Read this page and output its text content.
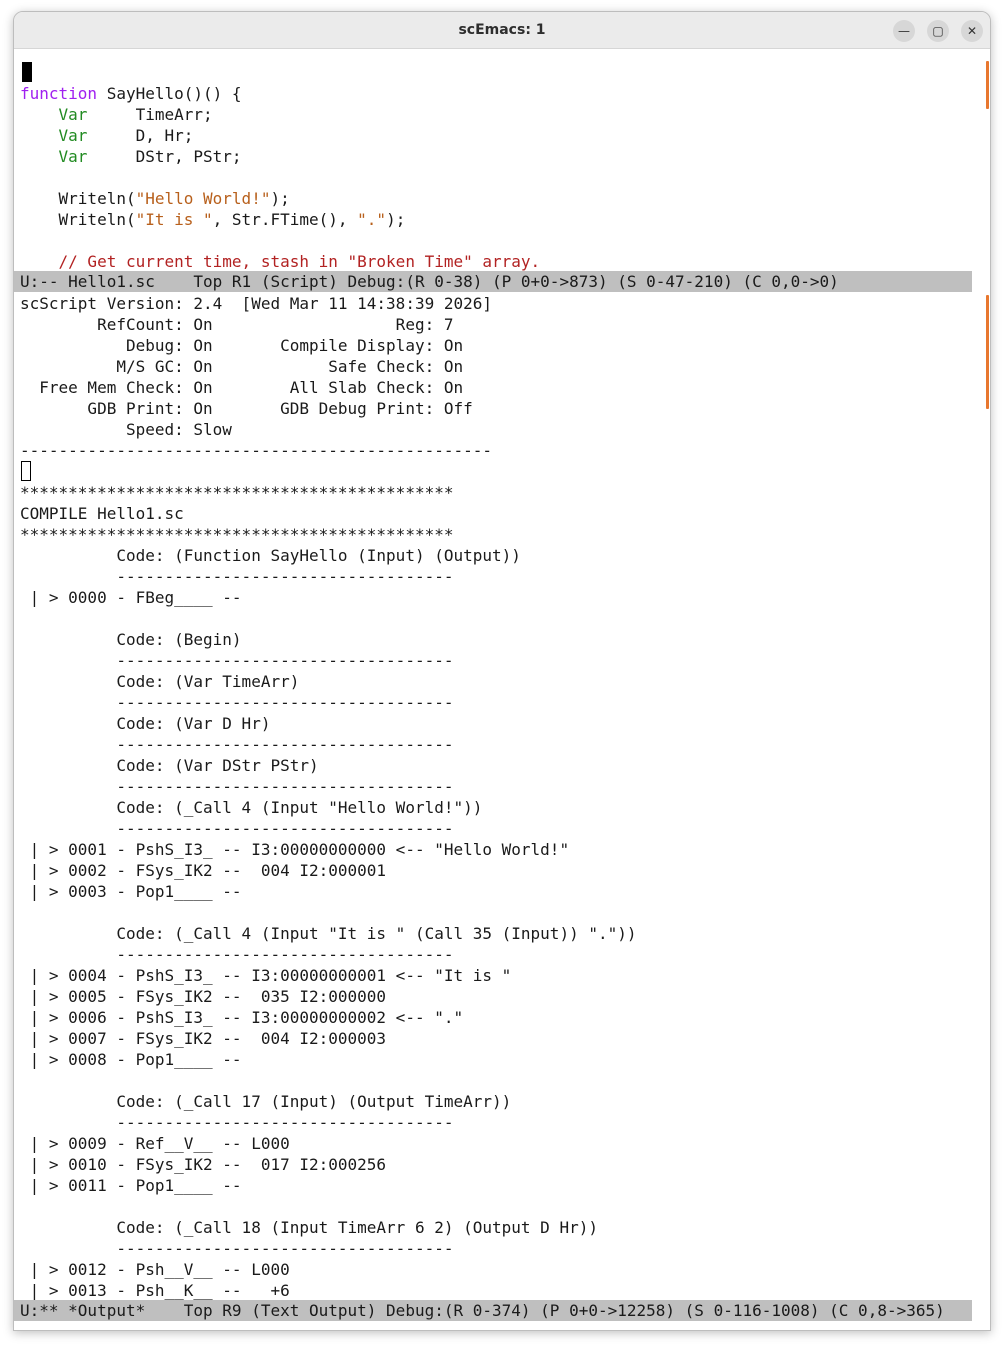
scEmacs: 1	—	▢	✕
function SayHello()() {
Var     TimeArr;
Var     D, Hr;
Var     DStr, PStr;
Writeln("Hello World!");
Writeln("It is ", Str.FTime(), ".");
// Get current time, stash in "Broken Time" array.
U:-- Hello1.sc    Top R1 (Script) Debug:(R 0-38) (P 0+0->873) (S 0-47-210) (C 0,0->0)
scScript Version: 2.4  [Wed Mar 11 14:38:39 2026]
RefCount: On                   Reg: 7
Debug: On       Compile Display: On
M/S GC: On            Safe Check: On
Free Mem Check: On        All Slab Check: On
GDB Print: On       GDB Debug Print: Off
Speed: Slow
-------------------------------------------------
*********************************************
COMPILE Hello1.sc
*********************************************
Code: (Function SayHello (Input) (Output))
-----------------------------------
| > 0000 - FBeg____ --
Code: (Begin)
-----------------------------------
Code: (Var TimeArr)
-----------------------------------
Code: (Var D Hr)
-----------------------------------
Code: (Var DStr PStr)
-----------------------------------
Code: (_Call 4 (Input "Hello World!"))
-----------------------------------
| > 0001 - PshS_I3_ -- I3:00000000000 <-- "Hello World!"
| > 0002 - FSys_IK2 --  004 I2:000001
| > 0003 - Pop1____ --
Code: (_Call 4 (Input "It is " (Call 35 (Input)) "."))
-----------------------------------
| > 0004 - PshS_I3_ -- I3:00000000001 <-- "It is "
| > 0005 - FSys_IK2 --  035 I2:000000
| > 0006 - PshS_I3_ -- I3:00000000002 <-- "."
| > 0007 - FSys_IK2 --  004 I2:000003
| > 0008 - Pop1____ --
Code: (_Call 17 (Input) (Output TimeArr))
-----------------------------------
| > 0009 - Ref__V__ -- L000
| > 0010 - FSys_IK2 --  017 I2:000256
| > 0011 - Pop1____ --
Code: (_Call 18 (Input TimeArr 6 2) (Output D Hr))
-----------------------------------
| > 0012 - Psh__V__ -- L000
| > 0013 - Psh__K__ --   +6
U:** *Output*    Top R9 (Text Output) Debug:(R 0-374) (P 0+0->12258) (S 0-116-1008) (C 0,8->365)
